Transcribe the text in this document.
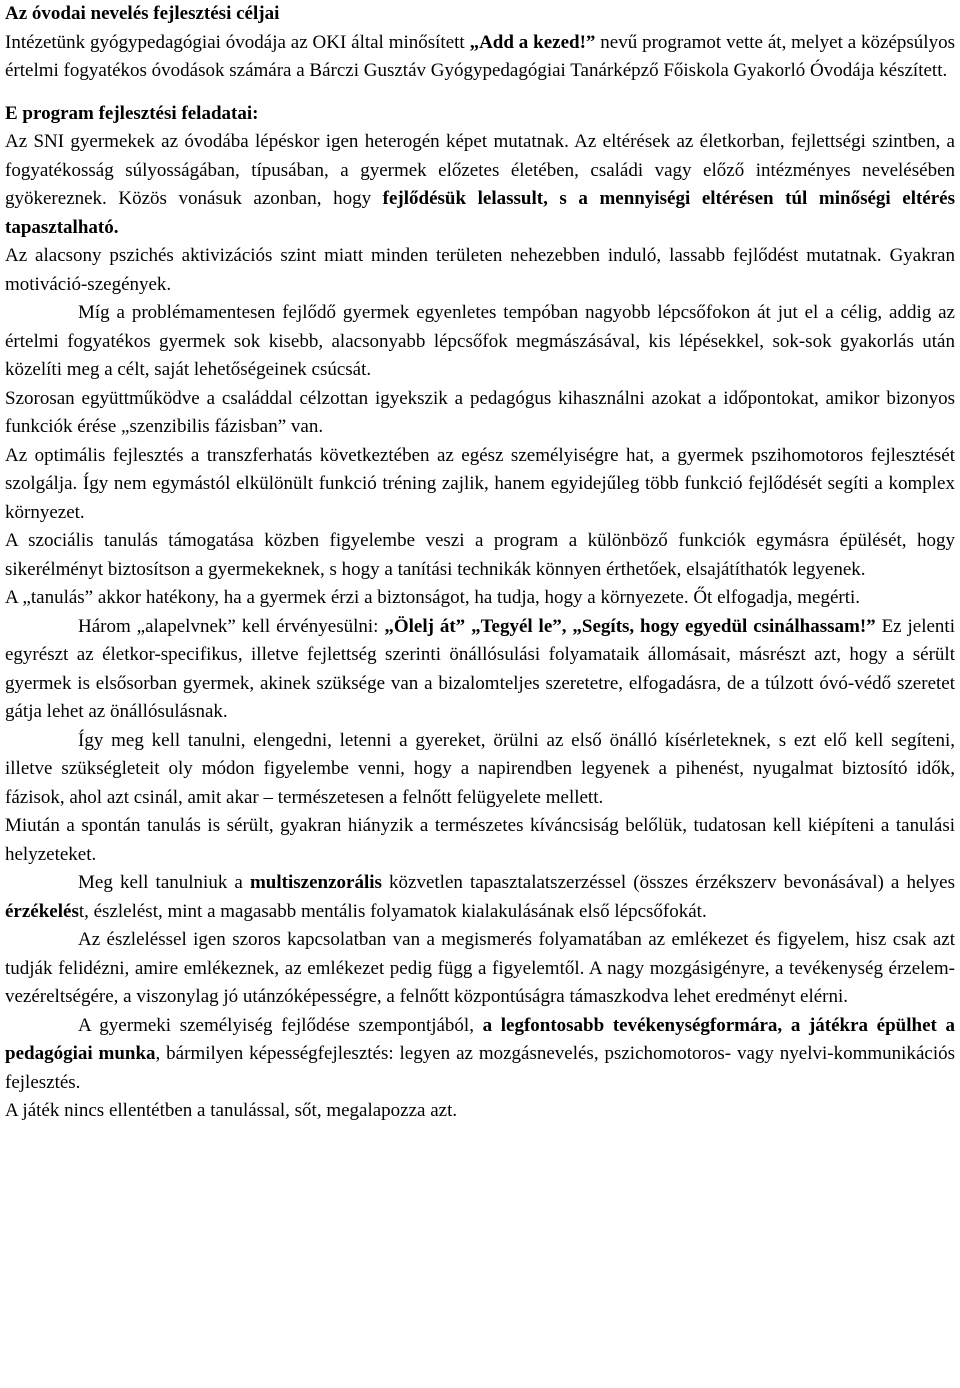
Az óvodai nevelés fejlesztési céljai

Intézetünk gyógypedagógiai óvodája az OKI által minősített „Add a kezed!” nevű programot vette át, melyet a középsúlyos értelmi fogyatékos óvodások számára a Bárczi Gusztáv Gyógypedagógiai Tanárképző Főiskola Gyakorló Óvodája készített.

E program fejlesztési feladatai:

Az SNI gyermekek az óvodába lépéskor igen heterogén képet mutatnak. Az eltérések az életkorban, fejlettségi szintben, a fogyatékosság súlyosságában, típusában, a gyermek előzetes életében, családi vagy előző intézményes nevelésében gyökereznek. Közös vonásuk azonban, hogy fejlődésük lelassult, s a mennyiségi eltérésen túl minőségi eltérés tapasztalható.

Az alacsony pszichés aktivizációs szint miatt minden területen nehezebben induló, lassabb fejlődést mutatnak. Gyakran motiváció-szegények.

Míg a problémamentesen fejlődő gyermek egyenletes tempóban nagyobb lépcsőfokon át jut el a célig, addig az értelmi fogyatékos gyermek sok kisebb, alacsonyabb lépcsőfok megmászásával, kis lépésekkel, sok-sok gyakorlás után közelíti meg a célt, saját lehetőségeinek csúcsát.

Szorosan együttműködve a családdal célzottan igyekszik a pedagógus kihasználni azokat a időpontokat, amikor bizonyos funkciók érése „szenzibilis fázisban” van.

Az optimális fejlesztés a transzferhatás következtében az egész személyiségre hat, a gyermek pszihomotoros fejlesztését szolgálja. Így nem egymástól elkülönült funkció tréning zajlik, hanem egyidejűleg több funkció fejlődését segíti a komplex környezet.

A szociális tanulás támogatása közben figyelembe veszi a program a különböző funkciók egymásra épülését, hogy sikerélményt biztosítson a gyermekeknek, s hogy a tanítási technikák könnyen érthetőek, elsajátíthatók legyenek.

A „tanulás” akkor hatékony, ha a gyermek érzi a biztonságot, ha tudja, hogy a környezete. Őt elfogadja, megérti.

Három „alapelvnek” kell érvényesülni: „Ölelj át” „Tegyél le”, „Segíts, hogy egyedül csinálhassam!” Ez jelenti egyrészt az életkor-specifikus, illetve fejlettség szerinti önállósulási folyamataik állomásait, másrészt azt, hogy a sérült gyermek is elsősorban gyermek, akinek szüksége van a bizalomteljes szeretetre, elfogadásra, de a túlzott óvó-védő szeretet gátja lehet az önállósulásnak.

Így meg kell tanulni, elengedni, letenni a gyereket, örülni az első önálló kísérleteknek, s ezt elő kell segíteni, illetve szükségleteit oly módon figyelembe venni, hogy a napirendben legyenek a pihenést, nyugalmat biztosító idők, fázisok, ahol azt csinál, amit akar – természetesen a felnőtt felügyelete mellett.

Miután a spontán tanulás is sérült, gyakran hiányzik a természetes kíváncsiság belőlük, tudatosan kell kiépíteni a tanulási helyzeteket.

Meg kell tanulniuk a multiszenzorális közvetlen tapasztalatszerzéssel (összes érzékszerv bevonásával) a helyes érzékelést, észlelést, mint a magasabb mentális folyamatok kialakulásának első lépcsőfokát.

Az észleléssel igen szoros kapcsolatban van a megismerés folyamatában az emlékezet és figyelem, hisz csak azt tudják felidézni, amire emlékeznek, az emlékezet pedig függ a figyelemtől. A nagy mozgásigényre, a tevékenység érzelem-vezéreltségére, a viszonylag jó utánzóképességre, a felnőtt központúságra támaszkodva lehet eredményt elérni.

A gyermeki személyiség fejlődése szempontjából, a legfontosabb tevékenységformára, a játékra épülhet a pedagógiai munka, bármilyen képességfejlesztés: legyen az mozgásnevelés, pszichomotoros- vagy nyelvi-kommunikációs fejlesztés.

A játék nincs ellentétben a tanulással, sőt, megalapozza azt.
